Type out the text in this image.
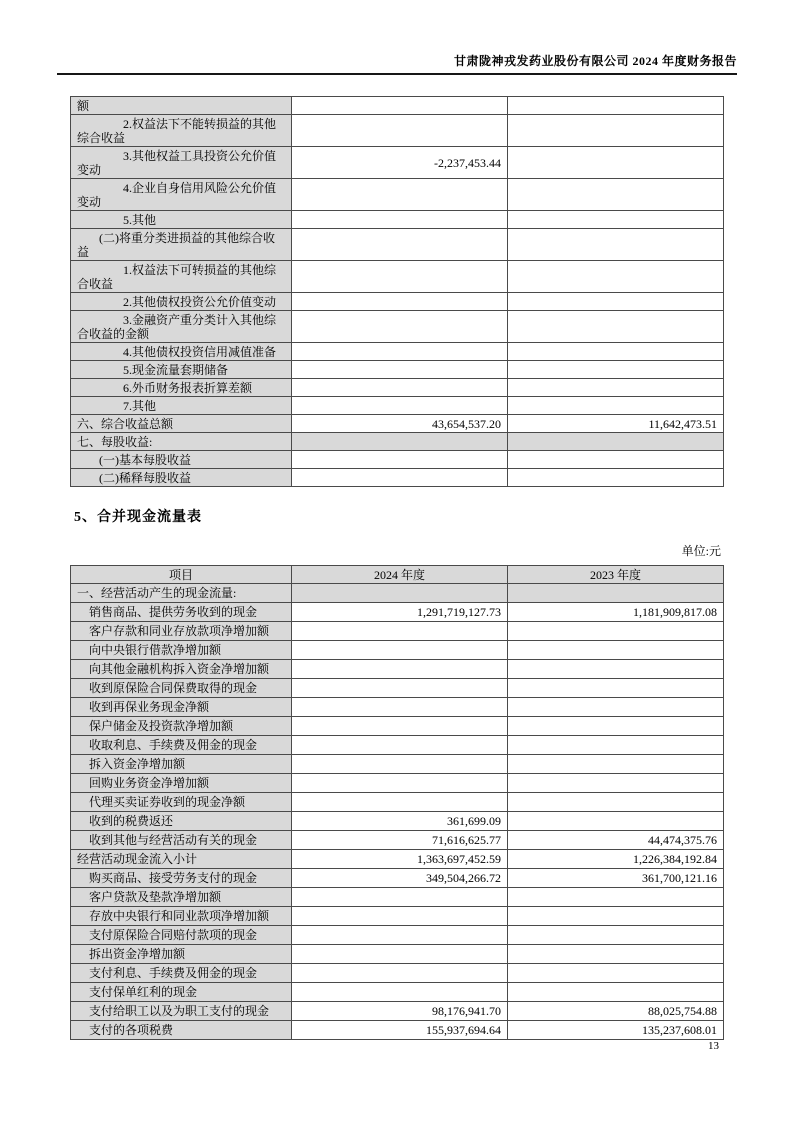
甘肃陇神戎发药业股份有限公司 2024 年度财务报告
额		
2.权益法下不能转损益的其他综合收益		
3.其他权益工具投资公允价值变动	-2,237,453.44	
4.企业自身信用风险公允价值变动		
5.其他		
(二)将重分类进损益的其他综合收益		
1.权益法下可转损益的其他综合收益		
2.其他债权投资公允价值变动		
3.金融资产重分类计入其他综合收益的金额		
4.其他债权投资信用减值准备		
5.现金流量套期储备		
6.外币财务报表折算差额		
7.其他		
六、综合收益总额	43,654,537.20	11,642,473.51
七、每股收益:		
(一)基本每股收益		
(二)稀释每股收益		
5、合并现金流量表
单位:元
项目	2024 年度	2023 年度
一、经营活动产生的现金流量:		
销售商品、提供劳务收到的现金	1,291,719,127.73	1,181,909,817.08
客户存款和同业存放款项净增加额		
向中央银行借款净增加额		
向其他金融机构拆入资金净增加额		
收到原保险合同保费取得的现金		
收到再保业务现金净额		
保户储金及投资款净增加额		
收取利息、手续费及佣金的现金		
拆入资金净增加额		
回购业务资金净增加额		
代理买卖证券收到的现金净额		
收到的税费返还	361,699.09	
收到其他与经营活动有关的现金	71,616,625.77	44,474,375.76
经营活动现金流入小计	1,363,697,452.59	1,226,384,192.84
购买商品、接受劳务支付的现金	349,504,266.72	361,700,121.16
客户贷款及垫款净增加额		
存放中央银行和同业款项净增加额		
支付原保险合同赔付款项的现金		
拆出资金净增加额		
支付利息、手续费及佣金的现金		
支付保单红利的现金		
支付给职工以及为职工支付的现金	98,176,941.70	88,025,754.88
支付的各项税费	155,937,694.64	135,237,608.01
13
